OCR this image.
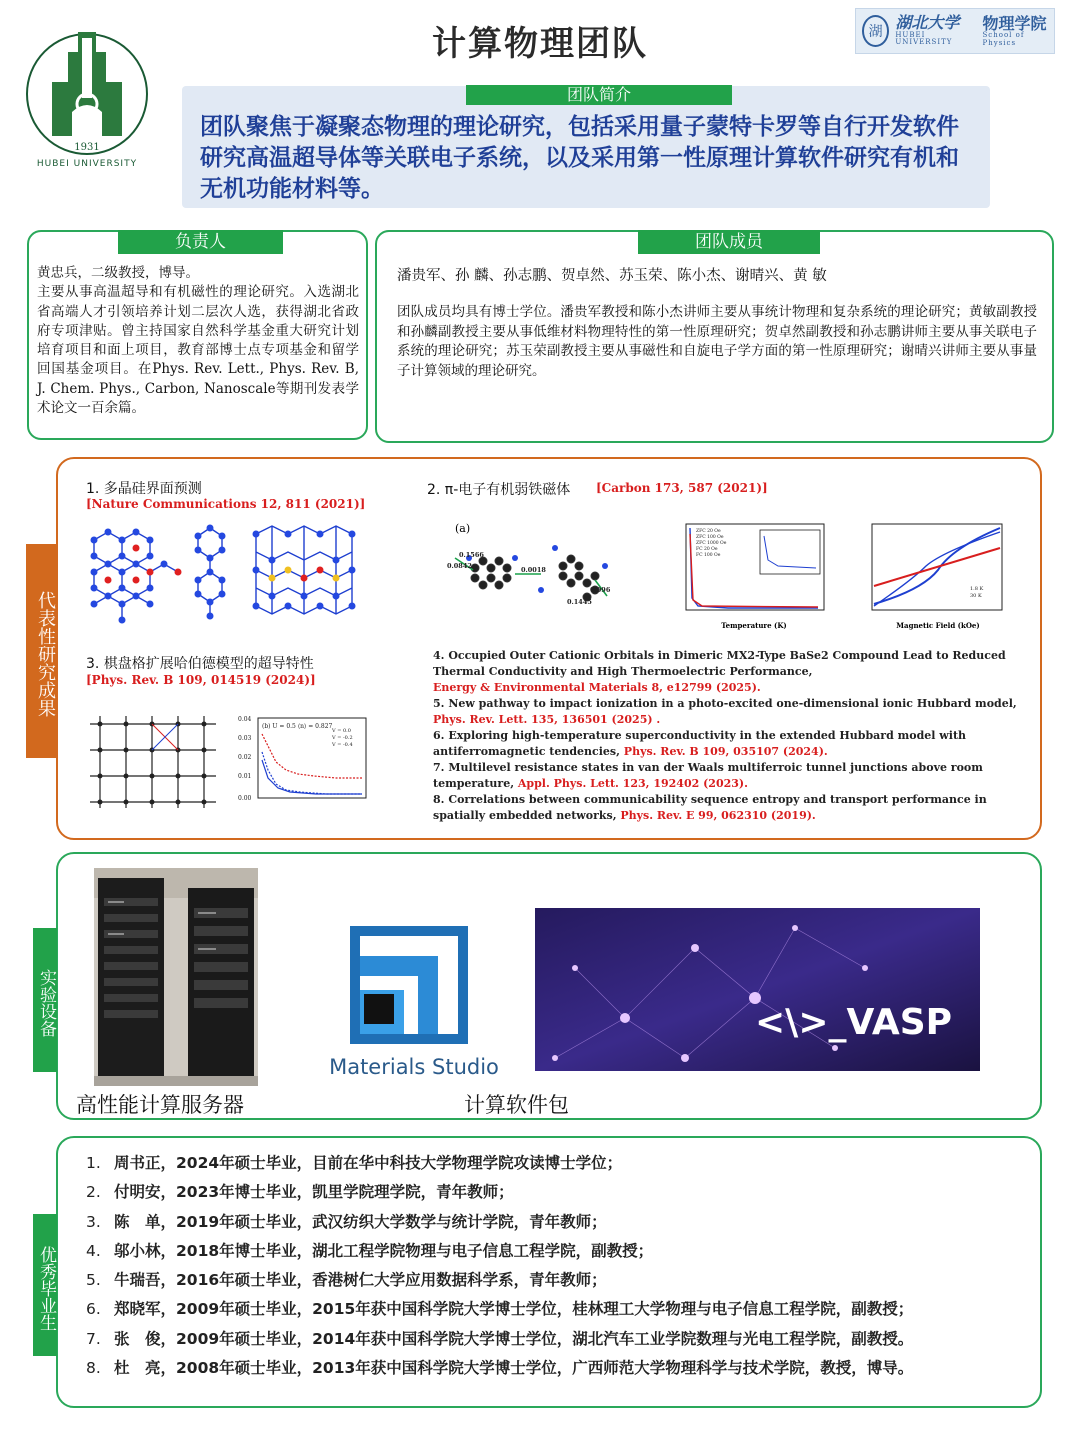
1931
HUBEI UNIVERSITY
计算物理团队	湖 湖北大学
HUBEI UNIVERSITY
物理学院
School of Physics
团队简介
团队聚焦于凝聚态物理的理论研究，包括采用量子蒙特卡罗等自行开发软件研究高温超导体等关联电子系统，以及采用第一性原理计算软件研究有机和无机功能材料等。
负责人
黄忠兵，二级教授，博导。
主要从事高温超导和有机磁性的理论研究。入选湖北省高端人才引领培养计划二层次人选，获得湖北省政府专项津贴。曾主持国家自然科学基金重大研究计划培育项目和面上项目，教育部博士点专项基金和留学回国基金项目。在Phys. Rev. Lett., Phys. Rev. B, J. Chem. Phys., Carbon, Nanoscale等期刊发表学术论文一百余篇。
团队成员
潘贵军、孙 麟、孙志鹏、贺卓然、苏玉荣、陈小杰、谢晴兴、黄 敏
团队成员均具有博士学位。潘贵军教授和陈小杰讲师主要从事统计物理和复杂系统的理论研究；黄敏副教授和孙麟副教授主要从事低维材料物理特性的第一性原理研究；贺卓然副教授和孙志鹏讲师主要从事关联电子系统的理论研究；苏玉荣副教授主要从事磁性和自旋电子学方面的第一性原理研究；谢晴兴讲师主要从事量子计算领域的理论研究。
代表性研究成果
1. 多晶硅界面预测
[Nature Communications 12, 811 (2021)]
2. π-电子有机弱铁磁体 [Carbon 173, 587 (2021)]
(a)
0.1566
0.0842	0.0018
0.096
0.1445
ZFC 20 Oe
ZFC 100 Oe
ZFC 1000 Oe
FC 20 Oe
FC 100 Oe
Temperature (K)
1.8 K
30 K
Magnetic Field (kOe)
3. 棋盘格扩展哈伯德模型的超导特性
[Phys. Rev. B 109, 014519 (2024)]
0.04
0.03
0.02
0.01
0.00
(b) U = 0.5 ⟨n⟩ = 0.827
V = 0.0
V = -0.2
V = -0.4
4. Occupied Outer Cationic Orbitals in Dimeric MX2-Type BaSe2 Compound Lead to Reduced Thermal Conductivity and High Thermoelectric Performance,
Energy & Environmental Materials 8, e12799 (2025).
5. New pathway to impact ionization in a photo-excited one-dimensional ionic Hubbard model, Phys. Rev. Lett. 135, 136501 (2025) .
6. Exploring high-temperature superconductivity in the extended Hubbard model with antiferromagnetic tendencies, Phys. Rev. B 109, 035107 (2024).
7. Multilevel resistance states in van der Waals multiferroic tunnel junctions above room temperature, Appl. Phys. Lett. 123, 192402 (2023).
8. Correlations between communicability sequence entropy and transport performance in spatially embedded networks, Phys. Rev. E 99, 062310 (2019).
实验设备
高性能计算服务器
Materials Studio
计算软件包
<\>_VASP
优秀毕业生
1. 周书正，2024年硕士毕业，目前在华中科技大学物理学院攻读博士学位；
2. 付明安，2023年博士毕业，凯里学院理学院，青年教师；
3. 陈　单，2019年硕士毕业，武汉纺织大学数学与统计学院，青年教师；
4. 邬小林，2018年博士毕业，湖北工程学院物理与电子信息工程学院，副教授；
5. 牛瑞吾，2016年硕士毕业，香港树仁大学应用数据科学系，青年教师；
6. 郑晓军，2009年硕士毕业，2015年获中国科学院大学博士学位，桂林理工大学物理与电子信息工程学院，副教授；
7. 张　俊，2009年硕士毕业，2014年获中国科学院大学博士学位，湖北汽车工业学院数理与光电工程学院，副教授。
8. 杜　亮，2008年硕士毕业，2013年获中国科学院大学博士学位，广西师范大学物理科学与技术学院，教授，博导。
